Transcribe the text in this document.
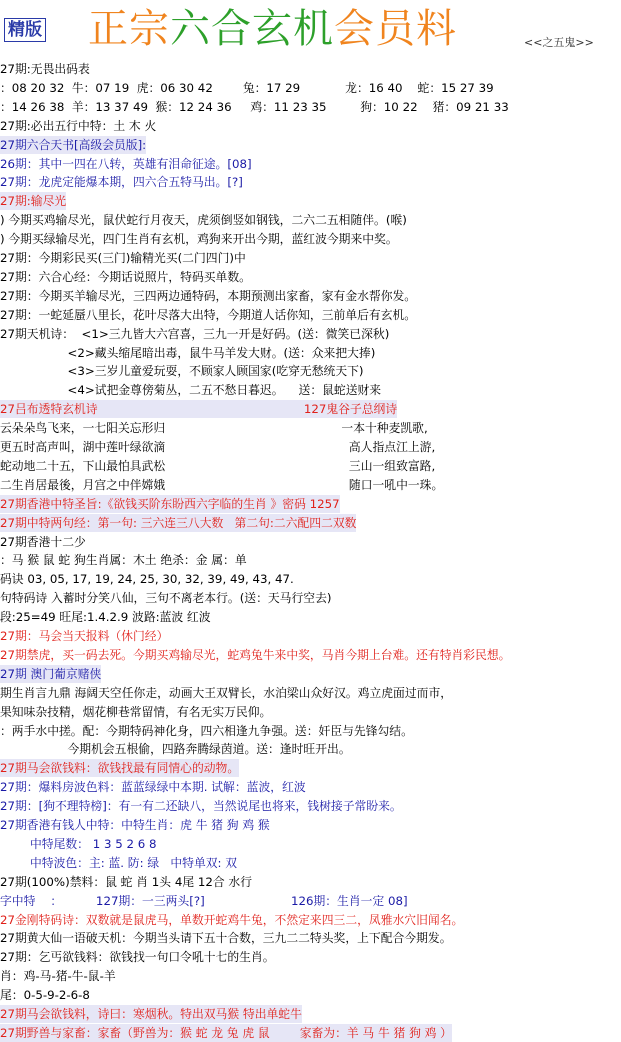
精版 正宗六合玄机会员料	<<之五鬼>>
27期:无畏出码表
：08 20 32  牛：07 19  虎：06 30 42        兔：17 29            龙：16 40    蛇：15 27 39
：14 26 38  羊：13 37 49  猴：12 24 36     鸡：11 23 35         狗：10 22    猪：09 21 33
27期:必出五行中特：土 木 火
27期六合天书[高级会员版]:
26期：其中一四在八转，英雄有泪命征途。[08]
27期：龙虎定能爆本期，四六合五特马出。[?]
27期:输尽光
) 今期买鸡输尽光，鼠伏蛇行月夜天，虎须倒竖如钢钱，二六二五相随伴。(喉)
) 今期买绿输尽光，四门生肖有玄机，鸡狗来开出今期，蓝红波今期来中奖。
27期：今期彩民买(三门)输精光买(二门四门)中
27期：六合心经：今期话说照片，特码买单数。
27期：今期买羊输尽光，三四两边通特码，本期预测出家畜，家有金水帮你发。
27期：一蛇延蜃八里长，花叶尽落大出特，今期道人话你知，三前单后有玄机。
27期天机诗：  <1>三九皆大六宫喜，三九一开是好码。(送：微笑已深秋)
<2>藏头缩尾暗出毒，鼠牛马羊发大财。(送：众来把大捧)
<3>三岁儿童爱玩耍，不顾家人顾国家(吃穿无愁统天下)
<4>试把金尊傍菊丛，二五不愁日暮迟。    送：鼠蛇送财来
27吕布透特玄机诗                                                       127鬼谷子总纲诗
云朵朵鸟飞来，一七阳关忘形归                                               一本十种麦凯歌,
更五时高声叫，湖中莲叶绿欲滴                                                 高人指点江上游,
蛇动地二十五，下山最怕具武松                                                 三山一组致富路,
二生肖居最後，月宫之中伴嫦娥                                                 随口一吼中一珠。
27期香港中特圣旨:《欲钱买阶东盼西六字临的生肖 》密码 1257
27期中特两句经：第一句: 三六连三八大数   第二句:二六配四二双数
27期香港十二少
：马 猴 鼠 蛇 狗生肖属：木土 绝杀：金 属：单
码诀 03, 05, 17, 19, 24, 25, 30, 32, 39, 49, 43, 47.
句特码诗 入蓄时分笑八仙，三句不离老本行。(送：天马行空去)
段:25=49 旺尾:1.4.2.9 波路:蓝波 红波
27期：马会当天报料（休门经）
27期禁虎，买一码去死。今期买鸡输尽光，蛇鸡兔牛来中奖，马肖今期上台难。还有特肖彩民想。
27期 澳门葡京赌侠
期生肖言九鼎 海阔天空任你走，动画大王双臂长，水泊梁山众好汉。鸡立虎面过而市，
果知味杂技精，烟花柳巷常留情，有名无实万民仰。
：两手水中搓。配：今期特码神化身，四六相逢九争强。送：奸臣与先锋勾结。
今期机会五根偷，四路奔腾绿茵道。送：逢时旺开出。
27期马会欲钱料：欲钱找最有同情心的动物。
27期：爆料房波色料：蓝蓝绿绿中本期. 试解：蓝波，红波
27期：[狗不理特榜]：有一有二还缺八，当然说尾也将来，钱树接子常盼来。
27期香港有钱人中特：中特生肖：虎 牛 猪 狗 鸡 猴
中特尾数： 1 3 5 2 6 8
中特波色：主: 蓝. 防: 绿   中特单双: 双
27期(100%)禁料：鼠 蛇 肖 1头 4尾 12合 水行
字中特    ：         127期：一三两头[?]                       126期：生肖一定 08]
27金刚特码诗：双数就是鼠虎马，单数开蛇鸡牛兔，不然定来四三二，凤雅水穴旧闻名。
27期黄大仙一语破天机：今期当头请下五十合数，三九二二特头奖，上下配合今期发。
27期：乞丐欲钱料：欲钱找一句口令吼十七的生肖。
肖：鸡-马-猪-牛-鼠-羊
尾：0-5-9-2-6-8
27期马会欲钱料，诗曰：寒烟秋。特出双马猴 特出单蛇牛
27期野兽与家畜：家畜（野兽为：猴 蛇 龙 兔 虎 鼠        家畜为：羊 马 牛 猪 狗 鸡 ）
